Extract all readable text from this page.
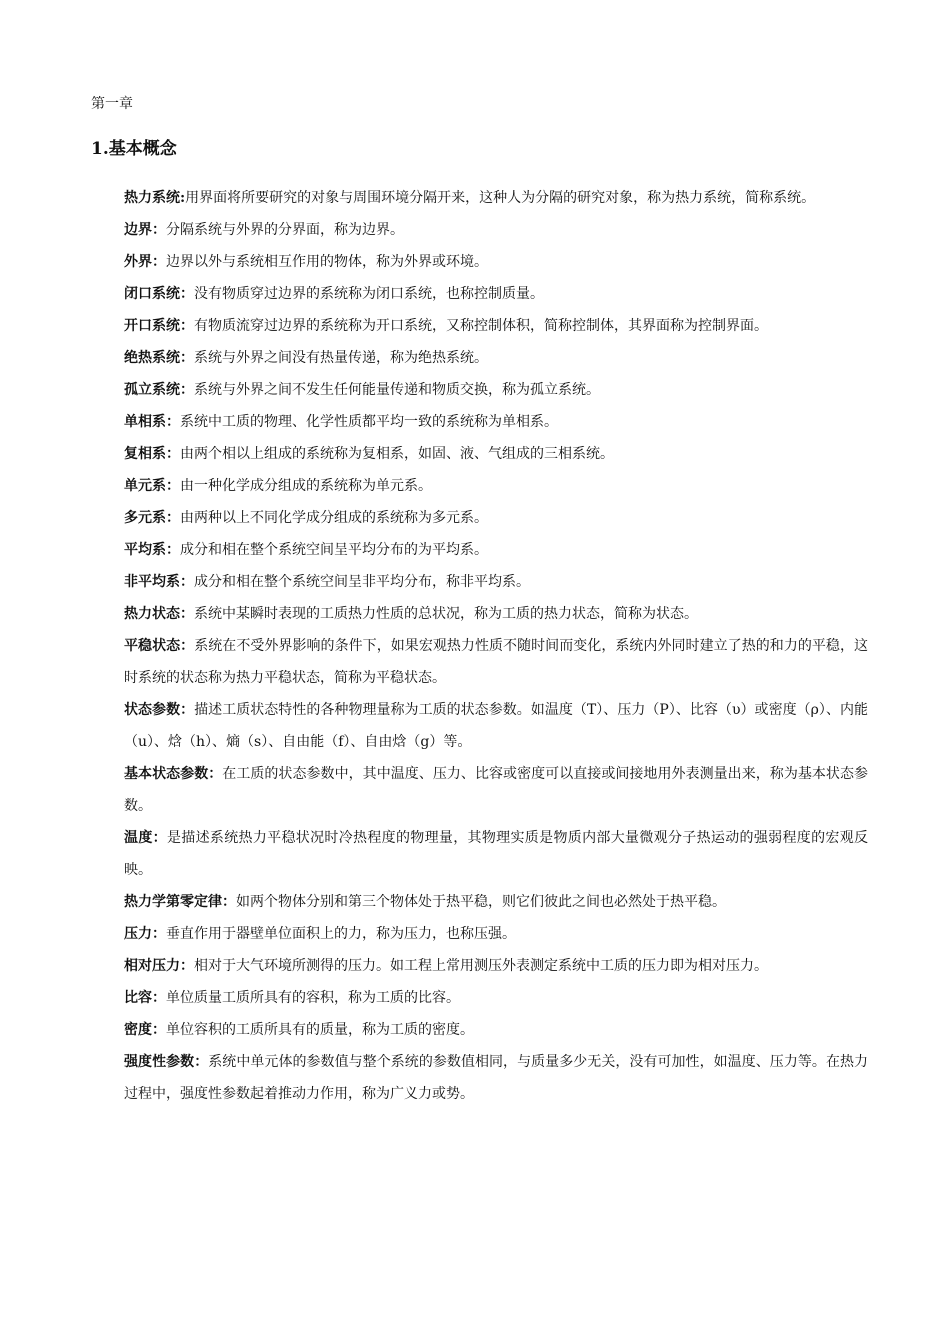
第一章
1.基本概念

热力系统:用界面将所要研究的对象与周围环境分隔开来，这种人为分隔的研究对象，称为热力系统，简称系统。

边界：分隔系统与外界的分界面，称为边界。

外界：边界以外与系统相互作用的物体，称为外界或环境。

闭口系统：没有物质穿过边界的系统称为闭口系统，也称控制质量。

开口系统：有物质流穿过边界的系统称为开口系统，又称控制体积，简称控制体，其界面称为控制界面。

绝热系统：系统与外界之间没有热量传递，称为绝热系统。

孤立系统：系统与外界之间不发生任何能量传递和物质交换，称为孤立系统。

单相系：系统中工质的物理、化学性质都平均一致的系统称为单相系。

复相系：由两个相以上组成的系统称为复相系，如固、液、气组成的三相系统。

单元系：由一种化学成分组成的系统称为单元系。

多元系：由两种以上不同化学成分组成的系统称为多元系。

平均系：成分和相在整个系统空间呈平均分布的为平均系。

非平均系：成分和相在整个系统空间呈非平均分布，称非平均系。

热力状态：系统中某瞬时表现的工质热力性质的总状况，称为工质的热力状态，简称为状态。

平稳状态：系统在不受外界影响的条件下，如果宏观热力性质不随时间而变化，系统内外同时建立了热的和力的平稳，这时系统的状态称为热力平稳状态，简称为平稳状态。

状态参数：描述工质状态特性的各种物理量称为工质的状态参数。如温度（T）、压力（P）、比容（υ）或密度（ρ）、内能（u）、焓（h）、熵（s）、自由能（f）、自由焓（g）等。

基本状态参数：在工质的状态参数中，其中温度、压力、比容或密度可以直接或间接地用外表测量出来，称为基本状态参数。

温度：是描述系统热力平稳状况时冷热程度的物理量，其物理实质是物质内部大量微观分子热运动的强弱程度的宏观反映。

热力学第零定律：如两个物体分别和第三个物体处于热平稳，则它们彼此之间也必然处于热平稳。

压力：垂直作用于器壁单位面积上的力，称为压力，也称压强。

相对压力：相对于大气环境所测得的压力。如工程上常用测压外表测定系统中工质的压力即为相对压力。

比容：单位质量工质所具有的容积，称为工质的比容。

密度：单位容积的工质所具有的质量，称为工质的密度。

强度性参数：系统中单元体的参数值与整个系统的参数值相同，与质量多少无关，没有可加性，如温度、压力等。在热力过程中，强度性参数起着推动力作用，称为广义力或势。
